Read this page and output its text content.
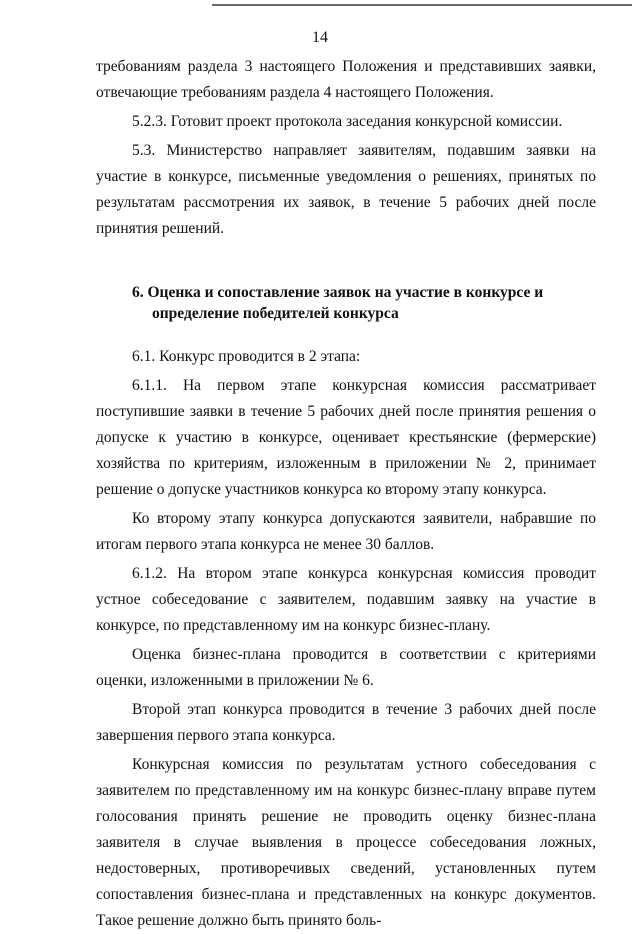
14

требованиям раздела 3 настоящего Положения и представивших заявки, отвечающие требованиям раздела 4 настоящего Положения.

5.2.3. Готовит проект протокола заседания конкурсной комиссии.

5.3. Министерство направляет заявителям, подавшим заявки на участие в конкурсе, письменные уведомления о решениях, принятых по результатам рассмотрения их заявок, в течение 5 рабочих дней после принятия решений.

6. Оценка и сопоставление заявок на участие в конкурсе и
определение победителей конкурса

6.1. Конкурс проводится в 2 этапа:

6.1.1. На первом этапе конкурсная комиссия рассматривает поступившие заявки в течение 5 рабочих дней после принятия решения о допуске к участию в конкурсе, оценивает крестьянские (фермерские) хозяйства по критериям, изложенным в приложении № 2, принимает решение о допуске участников конкурса ко второму этапу конкурса.

Ко второму этапу конкурса допускаются заявители, набравшие по итогам первого этапа конкурса не менее 30 баллов.

6.1.2. На втором этапе конкурса конкурсная комиссия проводит устное собеседование с заявителем, подавшим заявку на участие в конкурсе, по представленному им на конкурс бизнес-плану.

Оценка бизнес-плана проводится в соответствии с критериями оценки, изложенными в приложении № 6.

Второй этап конкурса проводится в течение 3 рабочих дней после завершения первого этапа конкурса.

Конкурсная комиссия по результатам устного собеседования с заявителем по представленному им на конкурс бизнес-плану вправе путем голосования принять решение не проводить оценку бизнес-плана заявителя в случае выявления в процессе собеседования ложных, недостоверных, противоречивых сведений, установленных путем сопоставления бизнес-плана и представленных на конкурс документов. Такое решение должно быть принято боль-
